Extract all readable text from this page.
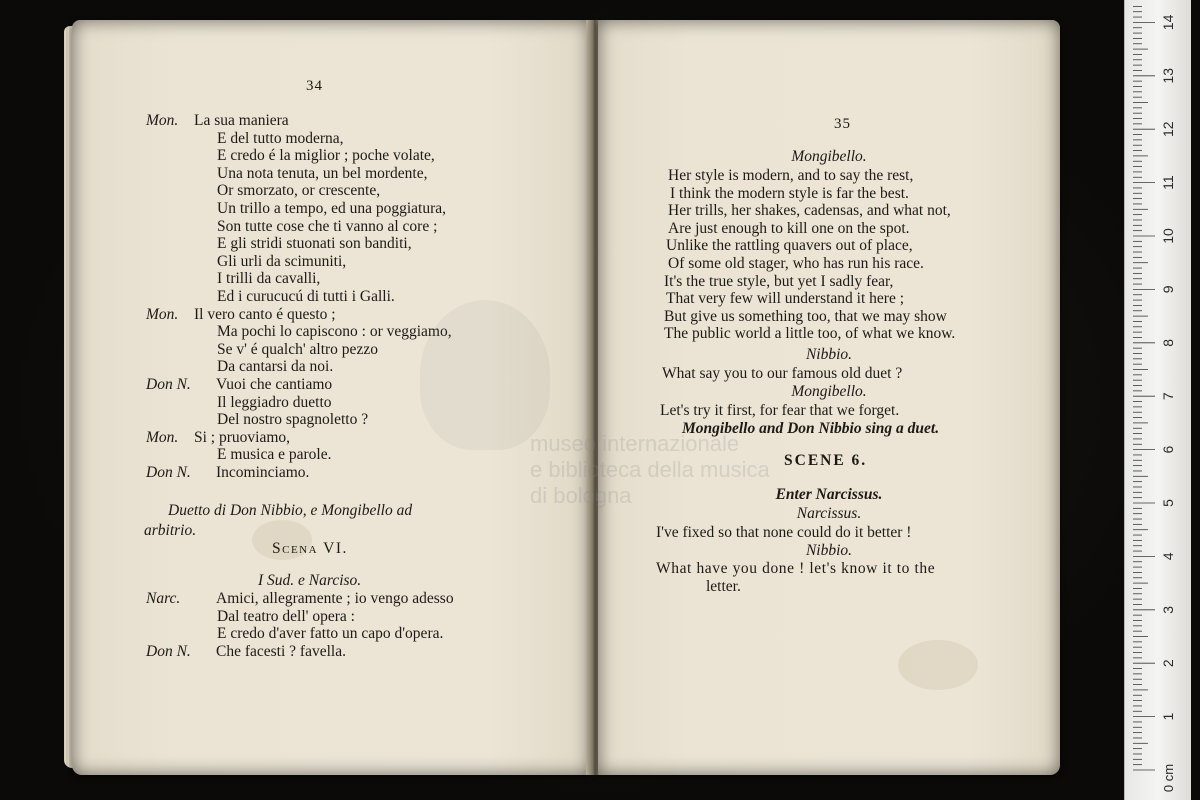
34
Mon. La sua maniera
E del tutto moderna,
E credo é la miglior ; poche volate,
Una nota tenuta, un bel mordente,
Or smorzato, or crescente,
Un trillo a tempo, ed una poggiatura,
Son tutte cose che ti vanno al core ;
E gli stridi stuonati son banditi,
Gli urli da scimuniti,
I trilli da cavalli,
Ed i curucucú di tutti i Galli.
Mon. Il vero canto é questo ;
Ma pochi lo capiscono : or veggiamo,
Se v' é qualch' altro pezzo
Da cantarsi da noi.
Don N. Vuoi che cantiamo
Il leggiadro duetto
Del nostro spagnoletto ?
Mon. Si ; pruoviamo,
E musica e parole.
Don N. Incominciamo.
Duetto di Don Nibbio, e Mongibello ad
arbitrio.
Scena VI.
I Sud. e Narciso.
Narc. Amici, allegramente ; io vengo adesso
Dal teatro dell' opera :
E credo d'aver fatto un capo d'opera.
Don N. Che facesti ? favella.
35
Mongibello.
Her style is modern, and to say the rest,
I think the modern style is far the best.
Her trills, her shakes, cadensas, and what not,
Are just enough to kill one on the spot.
Unlike the rattling quavers out of place,
Of some old stager, who has run his race.
It's the true style, but yet I sadly fear,
That very few will understand it here ;
But give us something too, that we may show
The public world a little too, of what we know.
Nibbio.
What say you to our famous old duet ?
Mongibello.
Let's try it first, for fear that we forget.
Mongibello and Don Nibbio sing a duet.
SCENE 6.
Enter Narcissus.
Narcissus.
I've fixed so that none could do it better !
Nibbio.
What have you done ! let's know it to the
letter.
museo internazionale
e biblioteca della musica
di bologna
1
2
3
4
5
6
7
8
9
10
11
12
13
14
0 cm
